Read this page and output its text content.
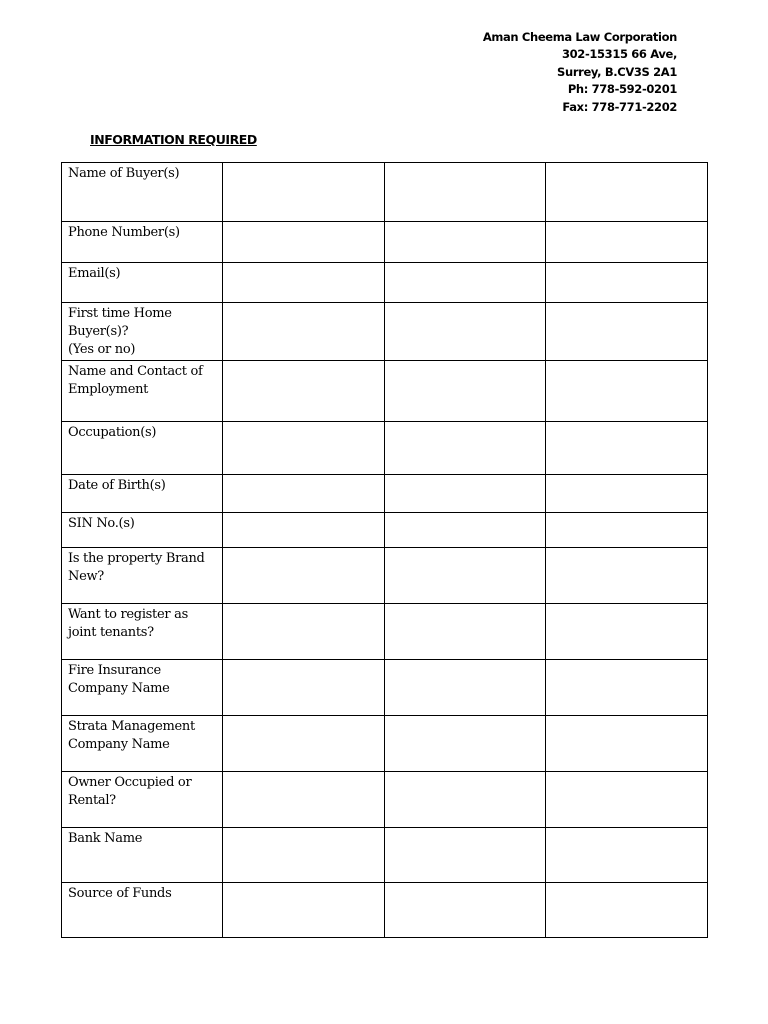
Aman Cheema Law Corporation
302-15315 66 Ave,
Surrey, B.CV3S 2A1
Ph: 778-592-0201
Fax: 778-771-2202
INFORMATION REQUIRED
Name of Buyer(s)			

Phone Number(s)			

Email(s)			

First time Home
Buyer(s)?
(Yes or no)			

Name and Contact of
Employment			

Occupation(s)			

Date of Birth(s)			

SIN No.(s)			

Is the property Brand
New?			

Want to register as
joint tenants?			

Fire Insurance
Company Name			

Strata Management
Company Name			

Owner Occupied or
Rental?			

Bank Name			

Source of Funds			
